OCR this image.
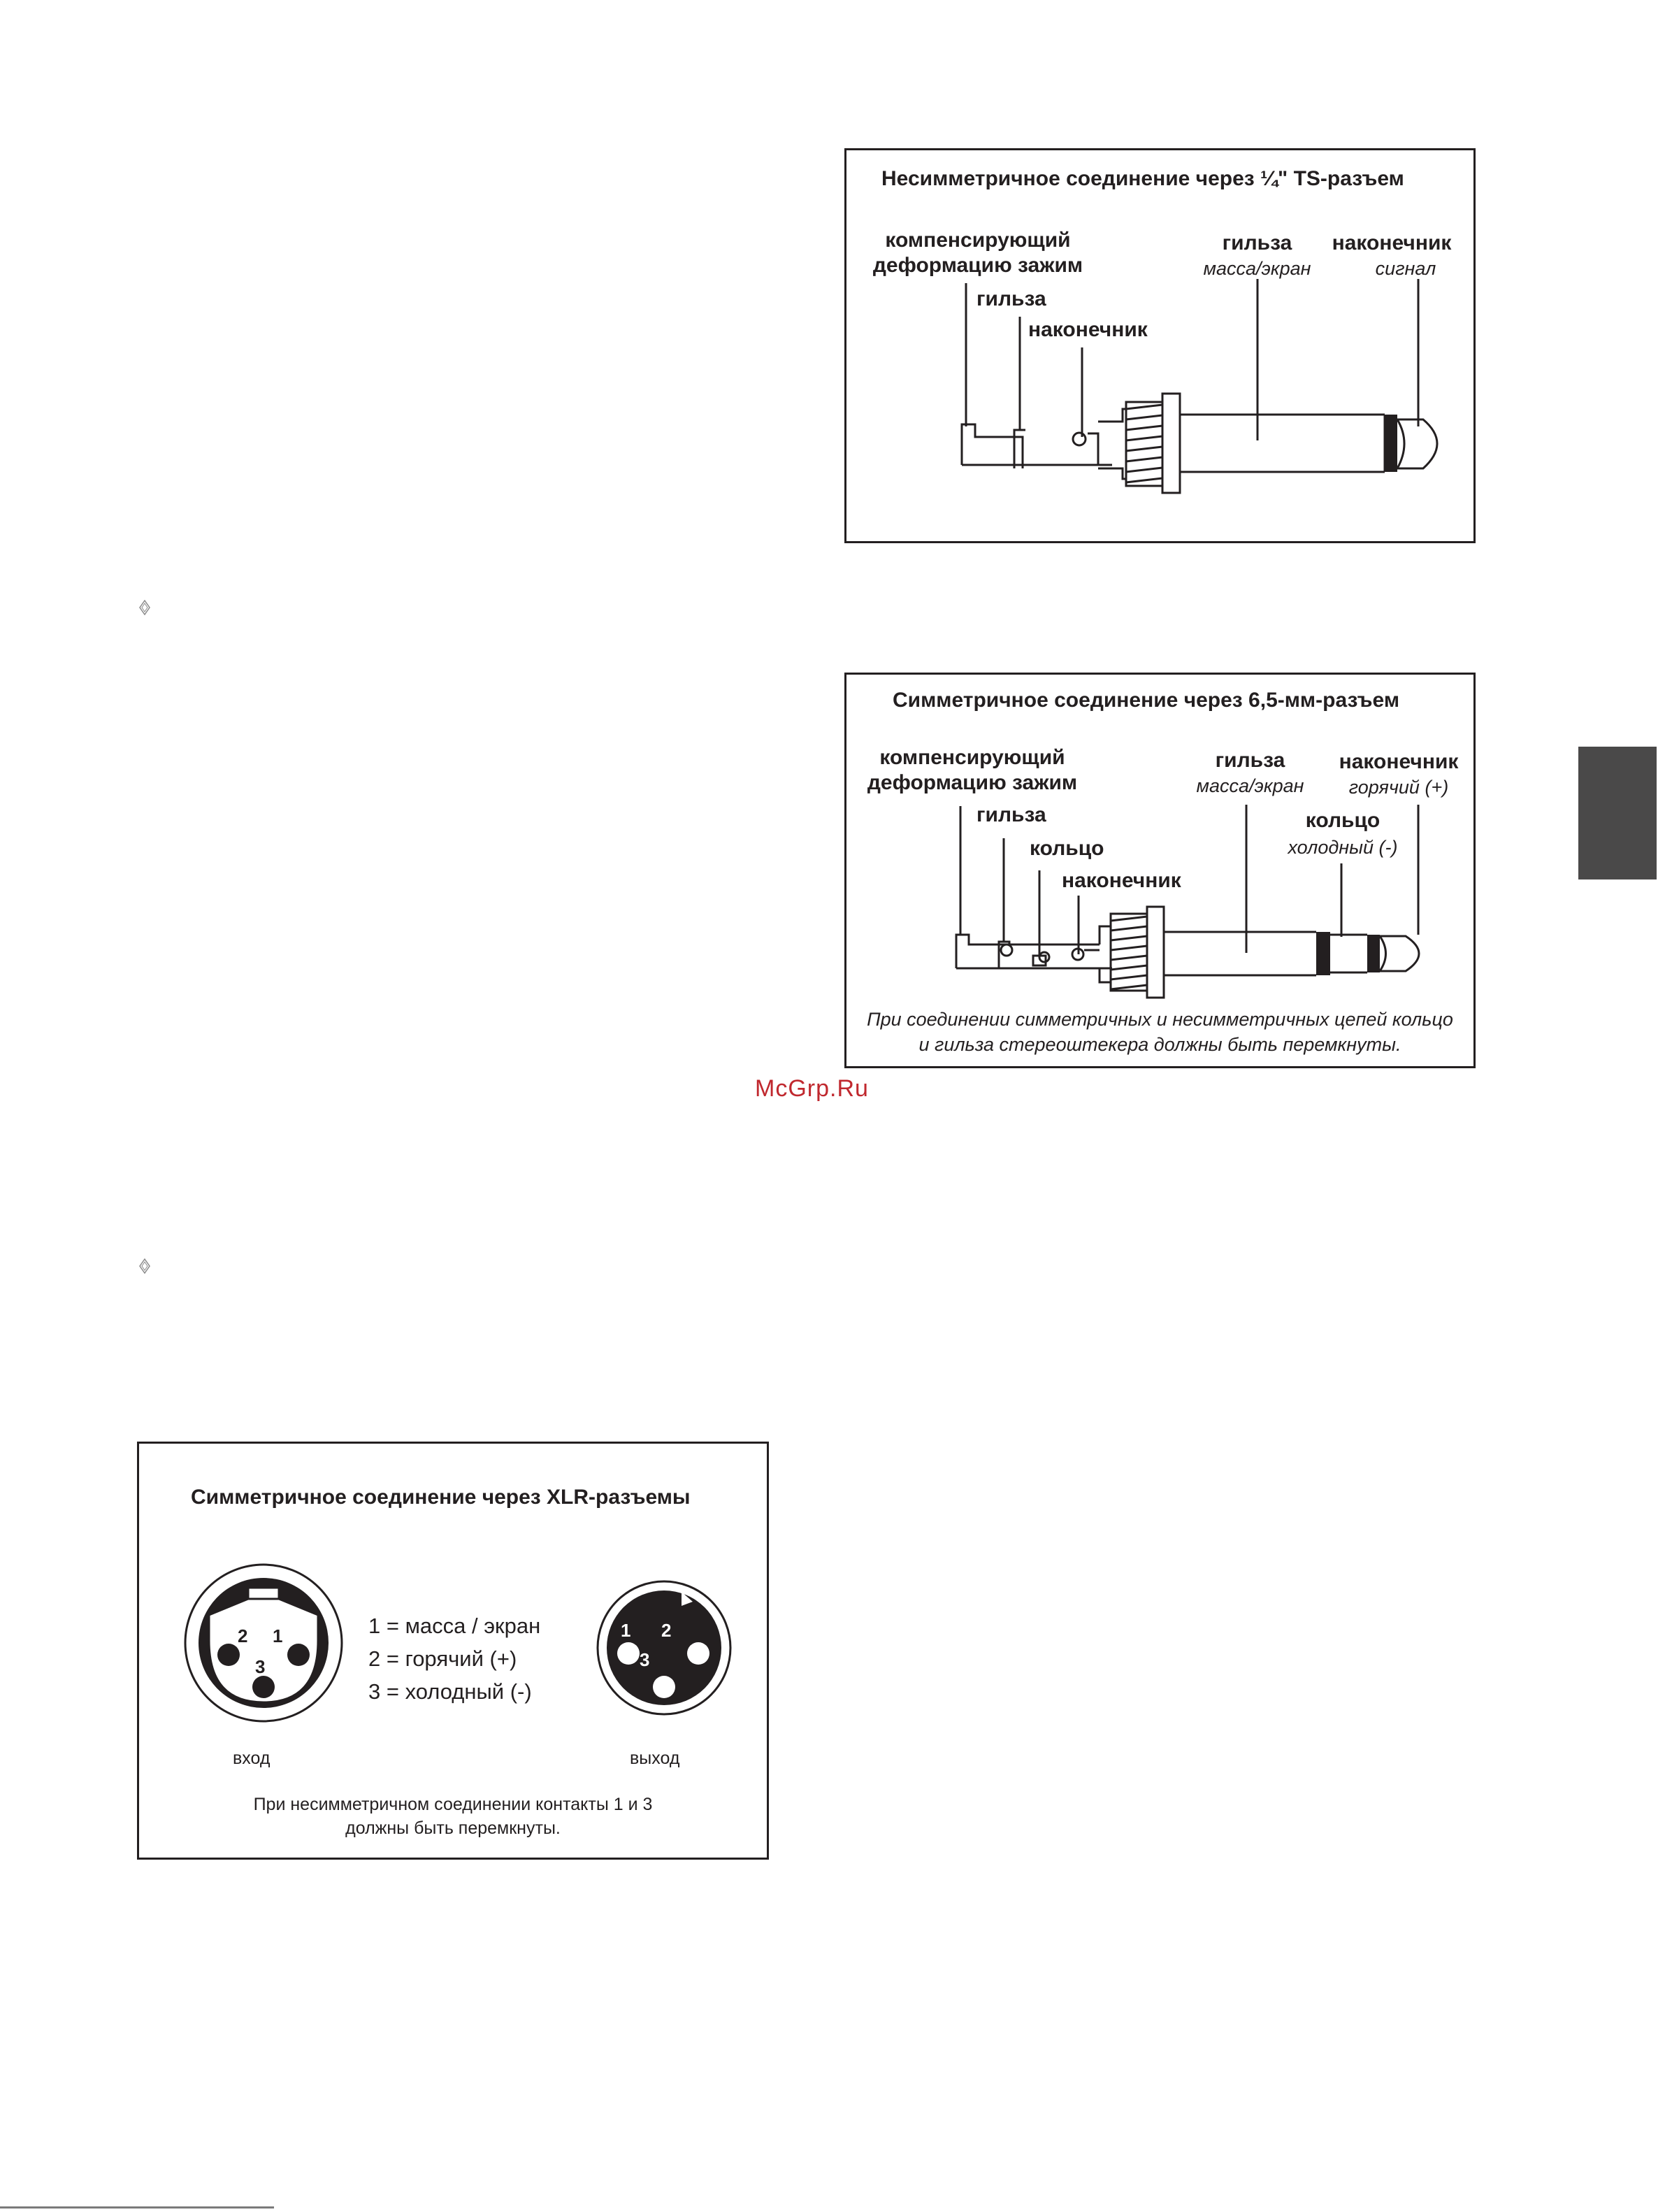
Несимметричное соединение через ¼" TS-разъем
компенсирующий
деформацию зажим
гильза
наконечник
гильза
масса/экран
наконечник
сигнал
Симметричное соединение через 6,5-мм-разъем
компенсирующий
деформацию зажим
гильза
кольцо
наконечник
гильза
масса/экран
наконечник
горячий (+)
кольцо
холодный (-)
При соединении симметричных и несимметричных цепей кольцо
и гильза стереоштекера должны быть перемкнуты.
Симметричное соединение через XLR-разъемы
2 1
3
1 2
3
1 = масса / экран
2 = горячий (+)
3 = холодный (-)
вход	выход
При несимметричном соединении контакты 1 и 3
должны быть перемкнуты.
McGrp.Ru
